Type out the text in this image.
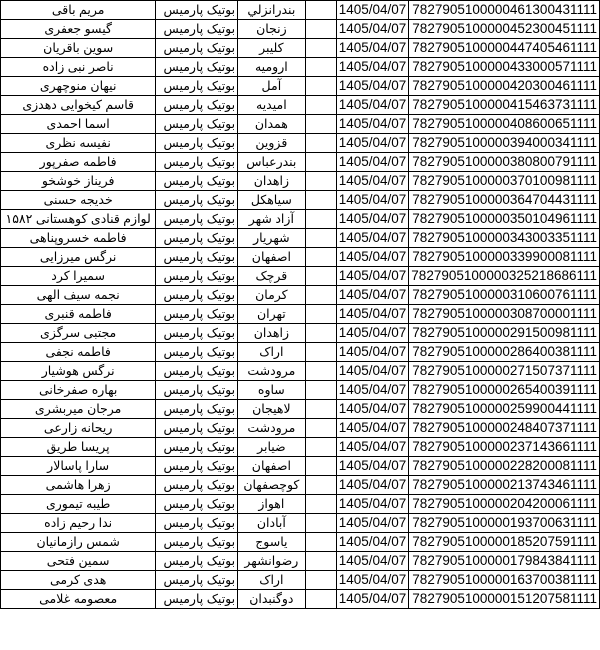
مریم باقی	بوتیک پارمیس	بندرانزلي		1405/04/07	7827905100000461300431111
گیسو جعفری	بوتیک پارمیس	زنجان		1405/04/07	7827905100000452300451111
سوین باقریان	بوتیک پارمیس	کلیبر		1405/04/07	7827905100000447405461111
ناصر نبی زاده	بوتیک پارمیس	ارومیه		1405/04/07	7827905100000433000571111
نیهان منوچهری	بوتیک پارمیس	آمل		1405/04/07	7827905100000420300461111
قاسم کیخوایی دهدزی	بوتیک پارمیس	امیدیه		1405/04/07	7827905100000415463731111
اسما احمدی	بوتیک پارمیس	همدان		1405/04/07	7827905100000408600651111
نفیسه نظری	بوتیک پارمیس	قزوین		1405/04/07	7827905100000394000341111
فاطمه صفرپور	بوتیک پارمیس	بندرعباس		1405/04/07	7827905100000380800791111
فریناز خوشخو	بوتیک پارمیس	زاهدان		1405/04/07	7827905100000370100981111
خدیجه حسنی	بوتیک پارمیس	سیاهکل		1405/04/07	7827905100000364704431111
لوازم قنادی کوهستانی ۱۵۸۲	بوتیک پارمیس	آزاد شهر		1405/04/07	7827905100000350104961111
فاطمه خسروپناهی	بوتیک پارمیس	شهریار		1405/04/07	7827905100000343003351111
نرگس میرزایی	بوتیک پارمیس	اصفهان		1405/04/07	7827905100000339900081111
سمیرا کرد	بوتیک پارمیس	قرچک		1405/04/07	7827905100000325218686111
نجمه سیف الهی	بوتیک پارمیس	کرمان		1405/04/07	7827905100000310600761111
فاطمه قنبری	بوتیک پارمیس	تهران		1405/04/07	7827905100000308700001111
مجتبی سرگزی	بوتیک پارمیس	زاهدان		1405/04/07	7827905100000291500981111
فاطمه نجفی	بوتیک پارمیس	اراک		1405/04/07	7827905100000286400381111
نرگس هوشیار	بوتیک پارمیس	مرودشت		1405/04/07	7827905100000271507371111
بهاره صفرخانی	بوتیک پارمیس	ساوه		1405/04/07	7827905100000265400391111
مرجان میربشری	بوتیک پارمیس	لاهیجان		1405/04/07	7827905100000259900441111
ریحانه زارعی	بوتیک پارمیس	مرودشت		1405/04/07	7827905100000248407371111
پریسا طریق	بوتیک پارمیس	ضیابر		1405/04/07	7827905100000237143661111
سارا پاسالار	بوتیک پارمیس	اصفهان		1405/04/07	7827905100000228200081111
زهرا هاشمی	بوتیک پارمیس	کوچصفهان		1405/04/07	7827905100000213743461111
طیبه تیموری	بوتیک پارمیس	اهواز		1405/04/07	7827905100000204200061111
ندا رحیم زاده	بوتیک پارمیس	آبادان		1405/04/07	7827905100000193700631111
شمس رازمانیان	بوتیک پارمیس	یاسوج		1405/04/07	7827905100000185207591111
سمین فتحی	بوتیک پارمیس	رضوانشهر		1405/04/07	7827905100000179843841111
هدی کرمی	بوتیک پارمیس	اراک		1405/04/07	7827905100000163700381111
معصومه غلامی	بوتیک پارمیس	دوگنبدان		1405/04/07	7827905100000151207581111
